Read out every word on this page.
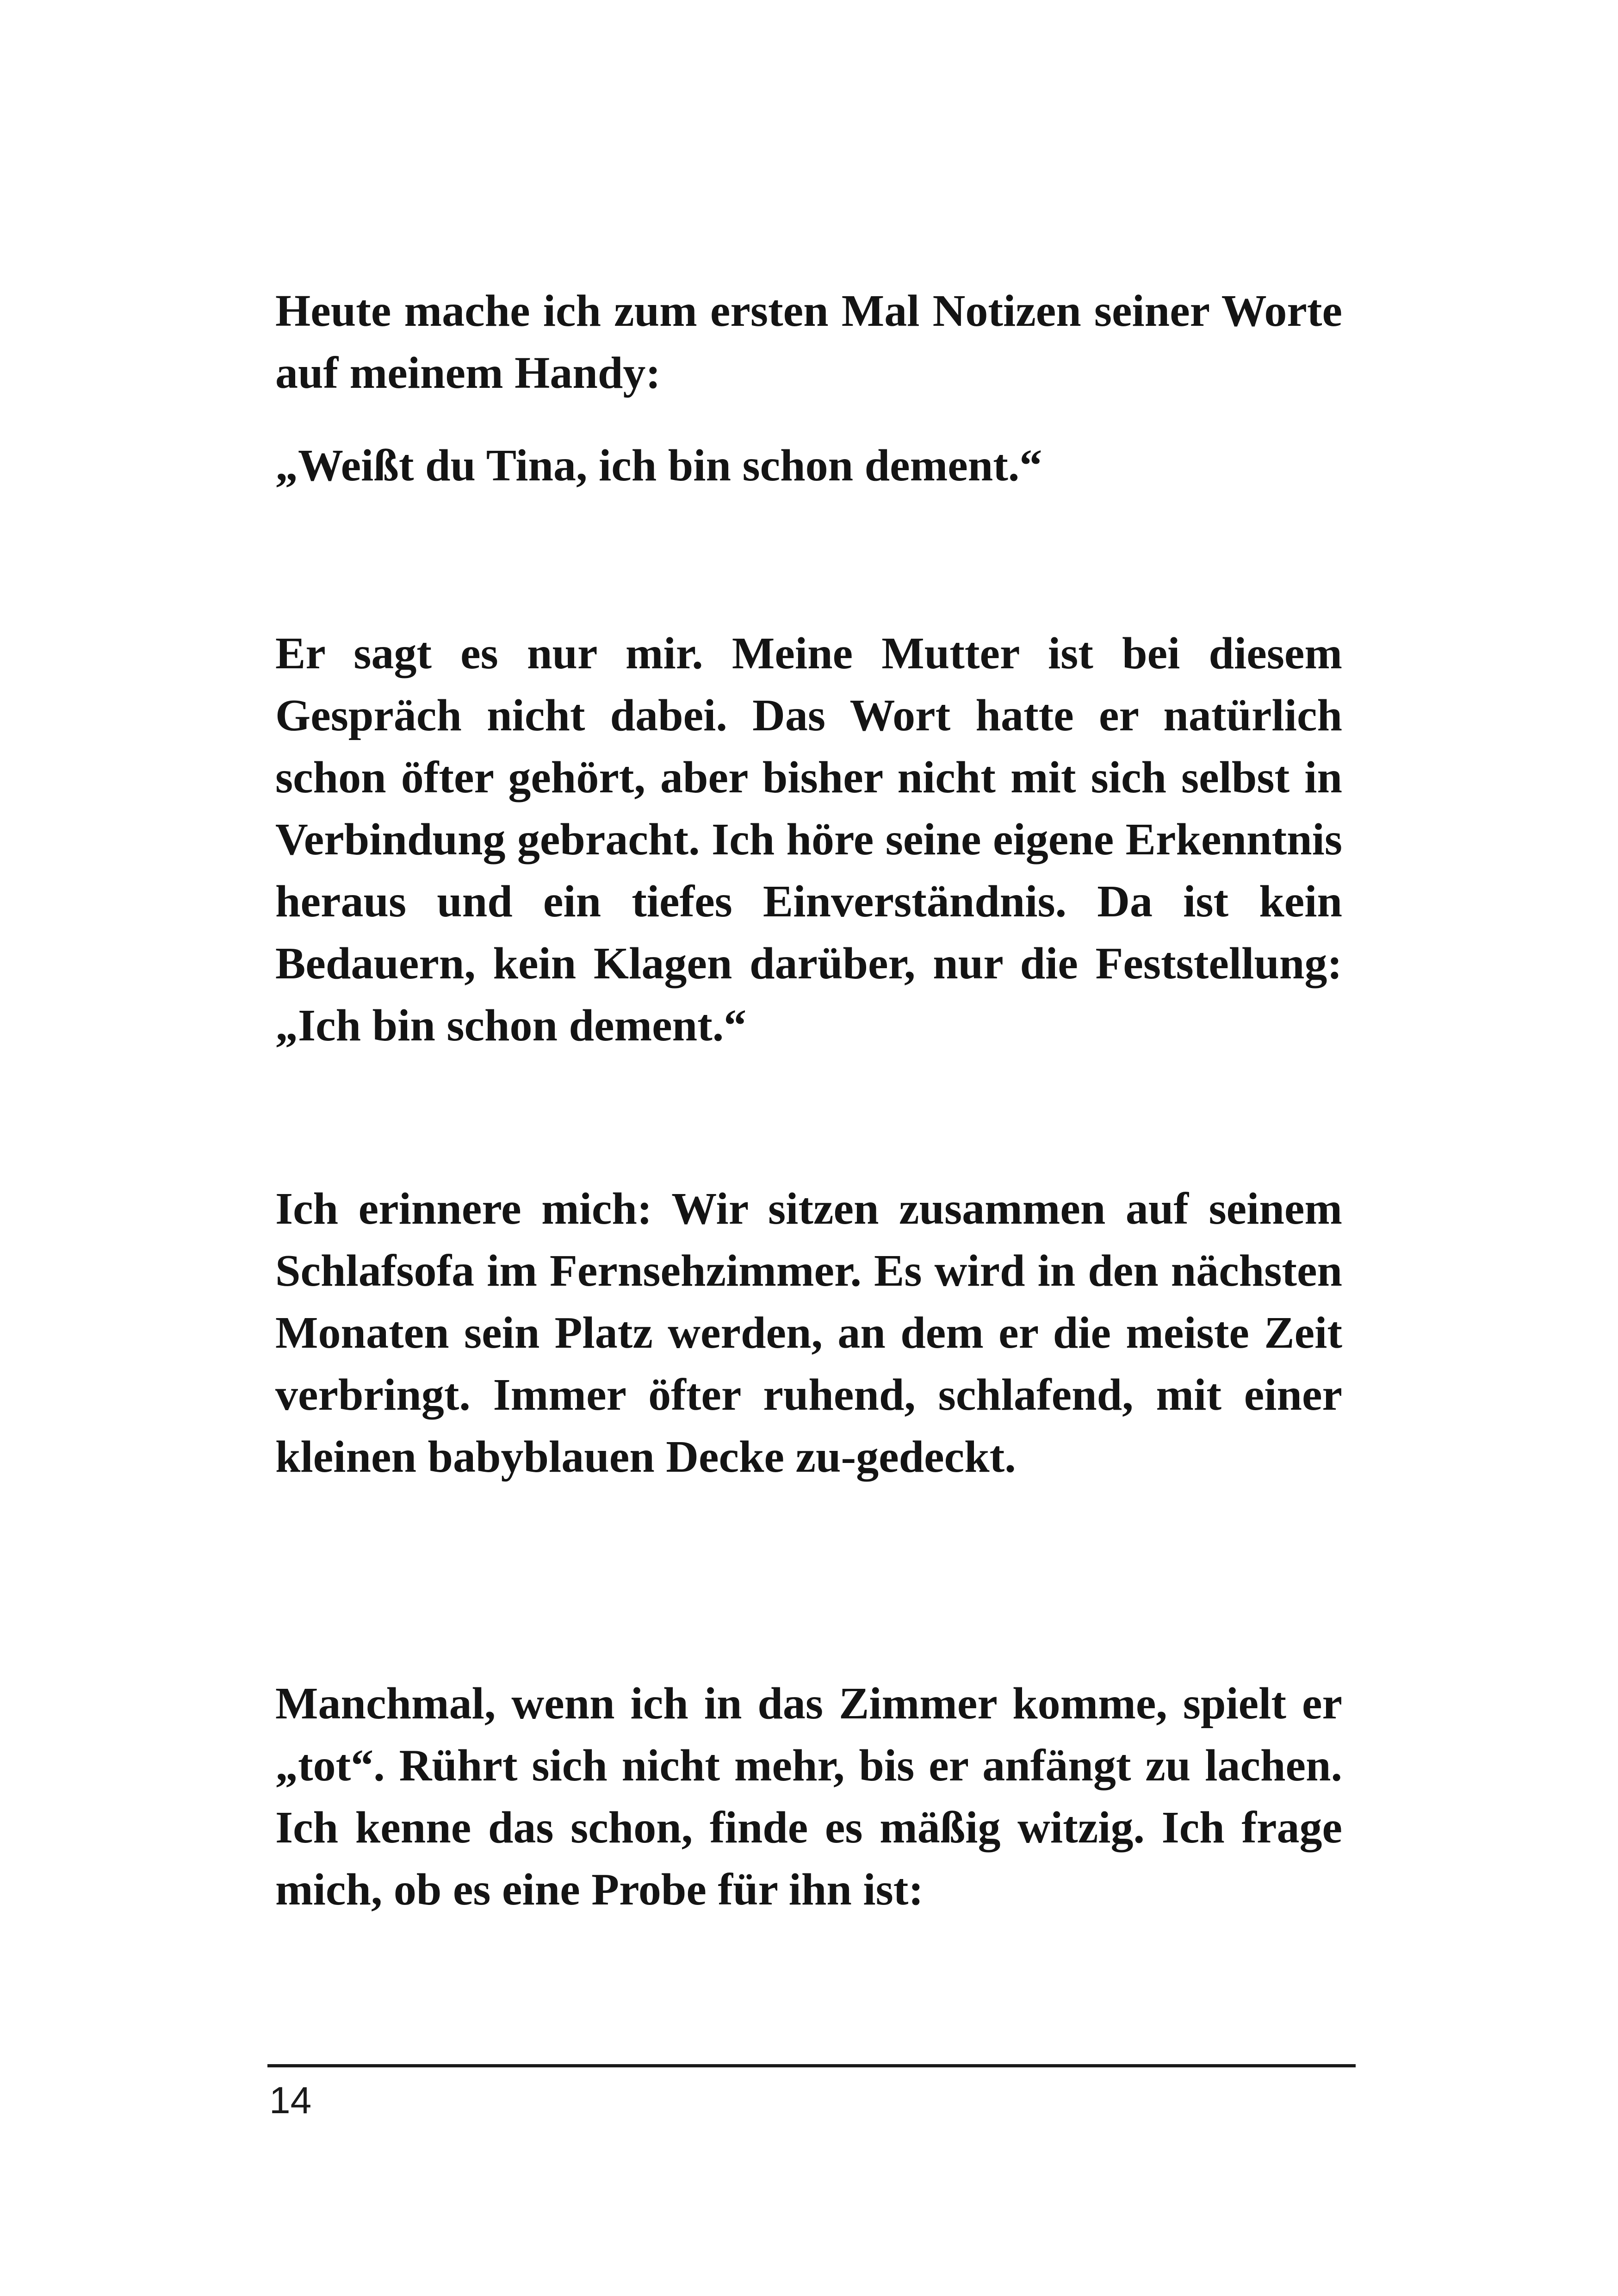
Heute mache ich zum ersten Mal Notizen seiner Worte auf meinem Handy:

„Weißt du Tina, ich bin schon dement.“

Er sagt es nur mir. Meine Mutter ist bei diesem Gespräch nicht dabei. Das Wort hatte er natürlich schon öfter gehört, aber bisher nicht mit sich selbst in Verbindung gebracht. Ich höre seine eigene Erkenntnis heraus und ein tiefes Einverständnis. Da ist kein Bedauern, kein Klagen darüber, nur die Feststellung: „Ich bin schon dement.“

Ich erinnere mich: Wir sitzen zusammen auf seinem Schlafsofa im Fernsehzimmer. Es wird in den nächsten Monaten sein Platz werden, an dem er die meiste Zeit verbringt. Immer öfter ruhend, schlafend, mit einer kleinen babyblauen Decke zu-gedeckt.

Manchmal, wenn ich in das Zimmer komme, spielt er „tot“. Rührt sich nicht mehr, bis er anfängt zu lachen. Ich kenne das schon, finde es mäßig witzig. Ich frage mich, ob es eine Probe für ihn ist:

14
